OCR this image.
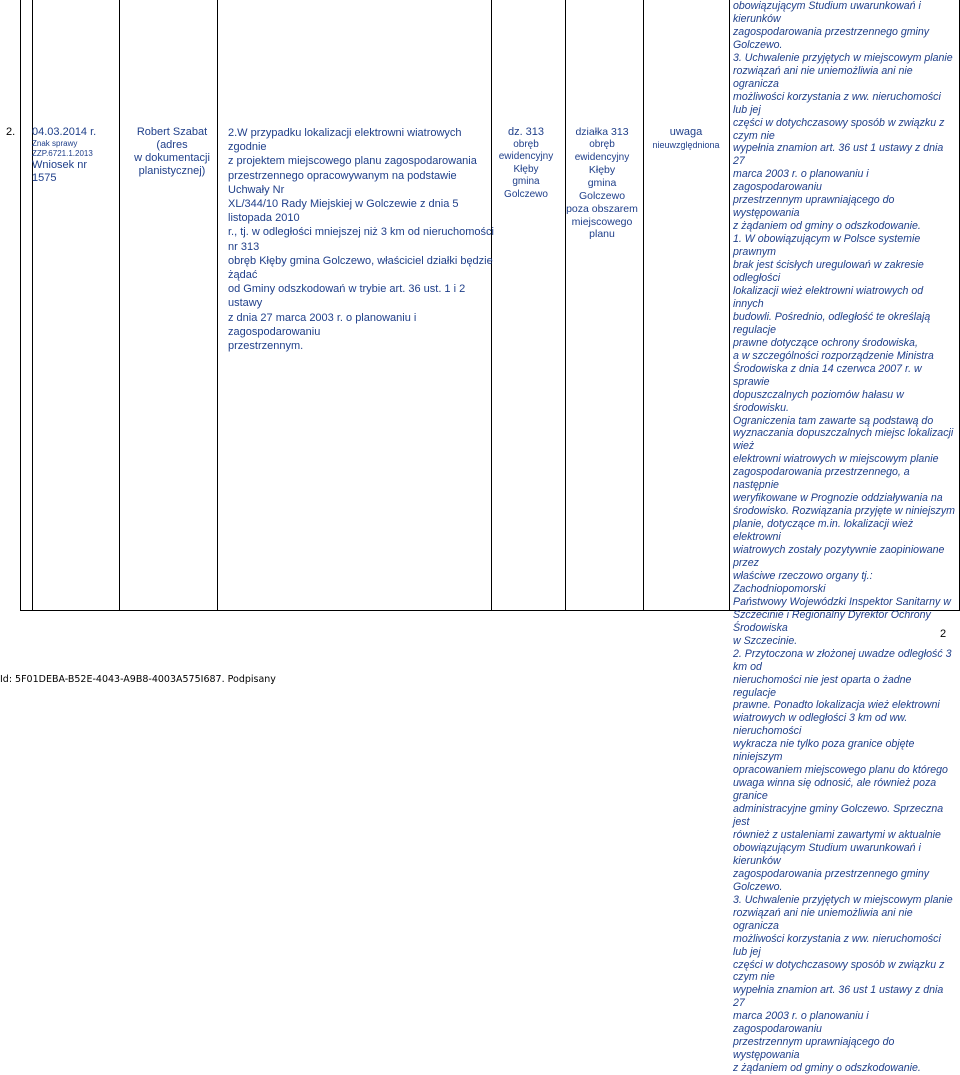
2.	04.03.2014 r.
Znak sprawy
ZZP.6721.1.2013
Wniosek nr 1575
Robert Szabat
(adres
w dokumentacji
planistycznej)
2.W przypadku lokalizacji elektrowni wiatrowych zgodnie
z projektem miejscowego planu zagospodarowania
przestrzennego opracowywanym na podstawie Uchwały Nr
XL/344/10 Rady Miejskiej w Golczewie z dnia 5 listopada 2010
r., tj. w odległości mniejszej niż 3 km od nieruchomości nr 313
obręb Kłęby gmina Golczewo, właściciel działki będzie żądać
od Gminy odszkodowań w trybie art. 36 ust. 1 i 2 ustawy
z dnia 27 marca 2003 r. o planowaniu i zagospodarowaniu
przestrzennym.
dz. 313
obręb
ewidencyjny
Kłęby
gmina
Golczewo
działka 313
obręb ewidencyjny
Kłęby
gmina Golczewo
poza obszarem
miejscowego
planu
uwaga
nieuwzględniona

obowiązującym Studium uwarunkowań i kierunków

zagospodarowania przestrzennego gminy Golczewo.

3. Uchwalenie przyjętych w miejscowym planie

rozwiązań ani nie uniemożliwia ani nie ogranicza

możliwości korzystania z ww. nieruchomości lub jej

części w dotychczasowy sposób w związku z czym nie

wypełnia znamion art. 36 ust 1 ustawy z dnia 27

marca 2003 r. o planowaniu i zagospodarowaniu

przestrzennym uprawniającego do występowania

z żądaniem od gminy o odszkodowanie.

1. W obowiązującym w Polsce systemie prawnym

brak jest ścisłych uregulowań w zakresie odległości

lokalizacji wież elektrowni wiatrowych od innych

budowli. Pośrednio, odległość te określają regulacje

prawne dotyczące ochrony środowiska,

a w szczególności rozporządzenie Ministra

Środowiska z dnia 14 czerwca 2007 r. w sprawie

dopuszczalnych poziomów hałasu w środowisku.

Ograniczenia tam zawarte są podstawą do

wyznaczania dopuszczalnych miejsc lokalizacji wież

elektrowni wiatrowych w miejscowym planie

zagospodarowania przestrzennego, a następnie

weryfikowane w Prognozie oddziaływania na

środowisko. Rozwiązania przyjęte w niniejszym

planie, dotyczące m.in. lokalizacji wież elektrowni

wiatrowych zostały pozytywnie zaopiniowane przez

właściwe rzeczowo organy tj.: Zachodniopomorski

Państwowy Wojewódzki Inspektor Sanitarny w

Szczecinie i Regionalny Dyrektor Ochrony Środowiska

w Szczecinie.

2. Przytoczona w złożonej uwadze odległość 3 km od

nieruchomości nie jest oparta o żadne regulacje

prawne. Ponadto lokalizacja wież elektrowni

wiatrowych w odległości 3 km od ww. nieruchomości

wykracza nie tylko poza granice objęte niniejszym

opracowaniem miejscowego planu do którego

uwaga winna się odnosić, ale również poza granice

administracyjne gminy Golczewo. Sprzeczna jest

również z ustaleniami zawartymi w aktualnie

obowiązującym Studium uwarunkowań i kierunków

zagospodarowania przestrzennego gminy Golczewo.

3. Uchwalenie przyjętych w miejscowym planie

rozwiązań ani nie uniemożliwia ani nie ogranicza

możliwości korzystania z ww. nieruchomości lub jej

części w dotychczasowy sposób w związku z czym nie

wypełnia znamion art. 36 ust 1 ustawy z dnia 27

marca 2003 r. o planowaniu i zagospodarowaniu

przestrzennym uprawniającego do występowania

z żądaniem od gminy o odszkodowanie.

2
Id: 5F01DEBA-B52E-4043-A9B8-4003A575I687. Podpisany
